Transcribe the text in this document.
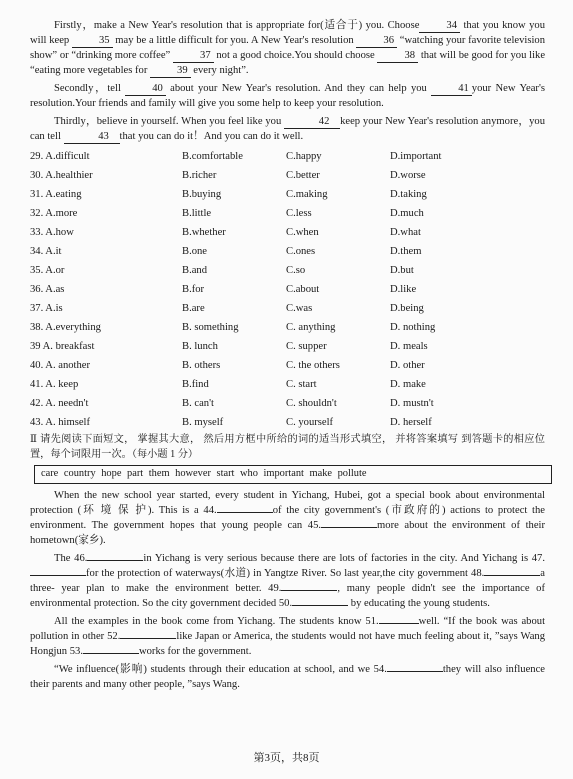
Firstly，make a New Year's resolution that is appropriate for(适合于) you. Choose	34 that you know you will keep	35 may be a little difficult for you. A New Year's resolution	36 “watching your favorite television show” or “drinking more coffee”	37 not a good choice.You should choose	38 that will be good for you like “eating more vegetables for	39 every night”.

Secondly，tell	40 about your New Year's resolution. And they can help you	41 your New Year's resolution.Your friends and family will give you some help to keep your resolution.

Thirdly，believe in yourself. When you feel like you	42 keep your New Year's resolution anymore，you can tell	43 that you can do it！And you can do it well.

29. A.difficult	B.comfortable	C.happy	D.important
30. A.healthier	B.richer	C.better	D.worse
31. A.eating	B.buying	C.making	D.taking
32. A.more	B.little	C.less	D.much
33. A.how	B.whether	C.when	D.what
34. A.it	B.one	C.ones	D.them
35. A.or	B.and	C.so	D.but
36. A.as	B.for	C.about	D.like
37. A.is	B.are	C.was	D.being
38. A.everything	B. something	C. anything	D. nothing
39 A. breakfast	B. lunch	C. supper	D. meals
40. A. another	B. others	C. the others	D. other
41. A. keep	B.find	C. start	D. make
42. A. needn't	B. can't	C. shouldn't	D. mustn't
43. A. himself	B. myself	C. yourself	D. herself

Ⅱ 请先阅读下面短文， 掌握其大意， 然后用方框中所给的词的适当形式填空， 并将答案填写 到答题卡的相应位置，每个词限用一次。（每小题 1 分）

care country hope part them however start who important make pollute

When the new school year started, every student in Yichang, Hubei, got a special book about environmental protection (环 境 保 护). This is a 44.	of the city government's (市政府的) actions to protect the environment. The government hopes that young people can 45.	more about the environment of their hometown(家乡).

The 46.	in Yichang is very serious because there are lots of factories in the city. And Yichang is 47.for the protection of waterways(水道) in Yangtze River. So last year,the city government 48.	a three- year plan to make the environment better. 49.	, many people didn't see the importance of environmental protection. So the city government decided 50.	by educating the young students.

All the examples in the book come from Yichang. The students know 51.	well. “If the book was about pollution in other 52.	like Japan or America, the students would not have much feeling about it, ”says Wang Hongjun 53.	works for the government.

“We influence(影响) students through their education at school, and we 54.	they will also influence their parents and many other people, ”says Wang.

第3页，共8页
